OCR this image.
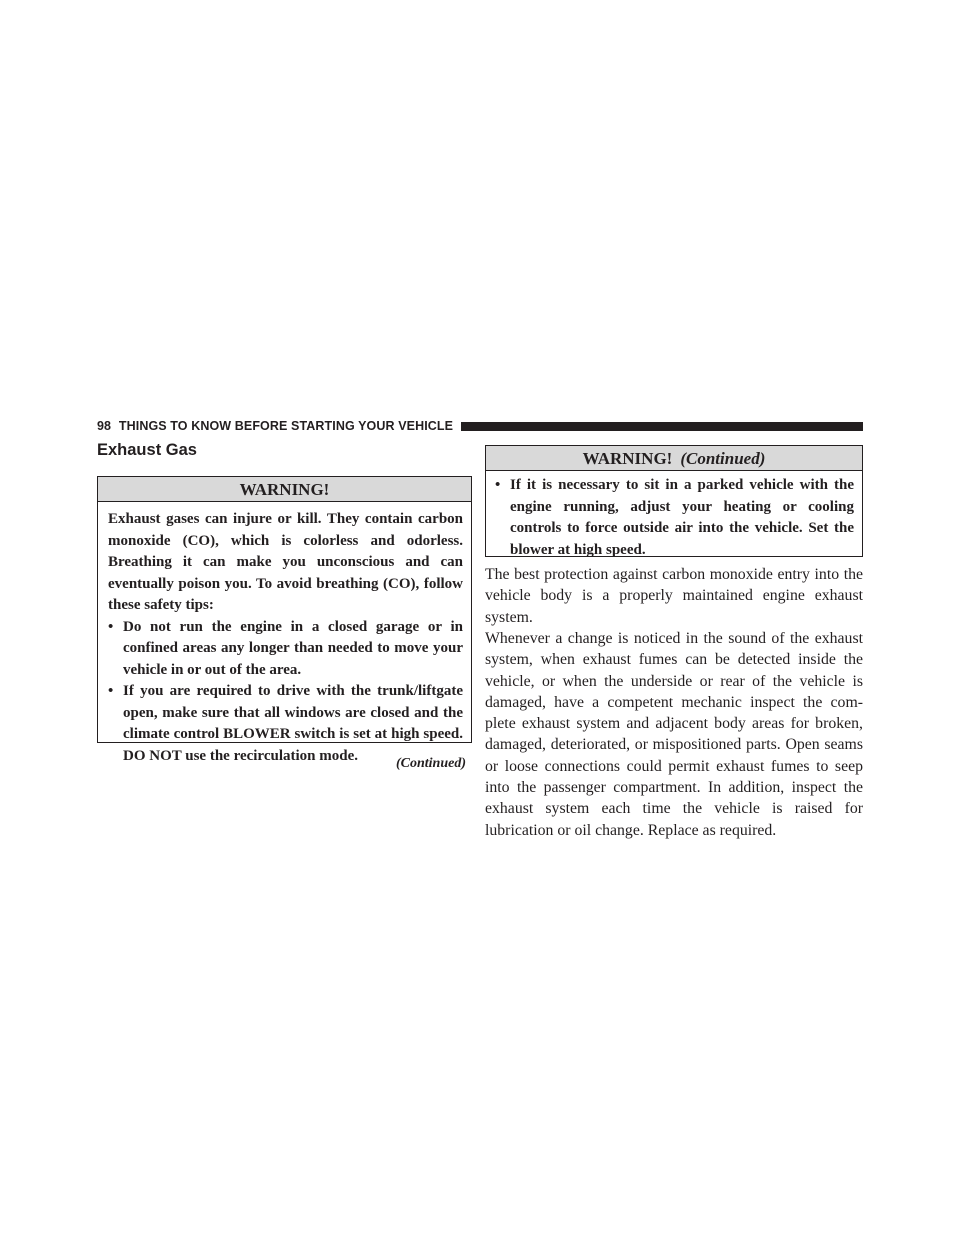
98 THINGS TO KNOW BEFORE STARTING YOUR VEHICLE
Exhaust Gas
WARNING!

Exhaust gases can injure or kill. They contain carbon monoxide (CO), which is colorless and odorless. Breathing it can make you unconscious and can eventually poison you. To avoid breathing (CO), follow these safety tips:

• Do not run the engine in a closed garage or in confined areas any longer than needed to move your vehicle in or out of the area.
• If you are required to drive with the trunk/liftgate open, make sure that all windows are closed and the climate control BLOWER switch is set at high speed. DO NOT use the recirculation mode.	(Continued)
WARNING! (Continued)
• If it is necessary to sit in a parked vehicle with the engine running, adjust your heating or cooling controls to force outside air into the vehicle. Set the blower at high speed.

The best protection against carbon monoxide entry into the vehicle body is a properly maintained engine exhaust system.

Whenever a change is noticed in the sound of the exhaust system, when exhaust fumes can be detected inside the vehicle, or when the underside or rear of the vehicle is damaged, have a competent mechanic inspect the com- plete exhaust system and adjacent body areas for broken, damaged, deteriorated, or mispositioned parts. Open seams or loose connections could permit exhaust fumes to seep into the passenger compartment. In addition, inspect the exhaust system each time the vehicle is raised for lubrication or oil change. Replace as required.
